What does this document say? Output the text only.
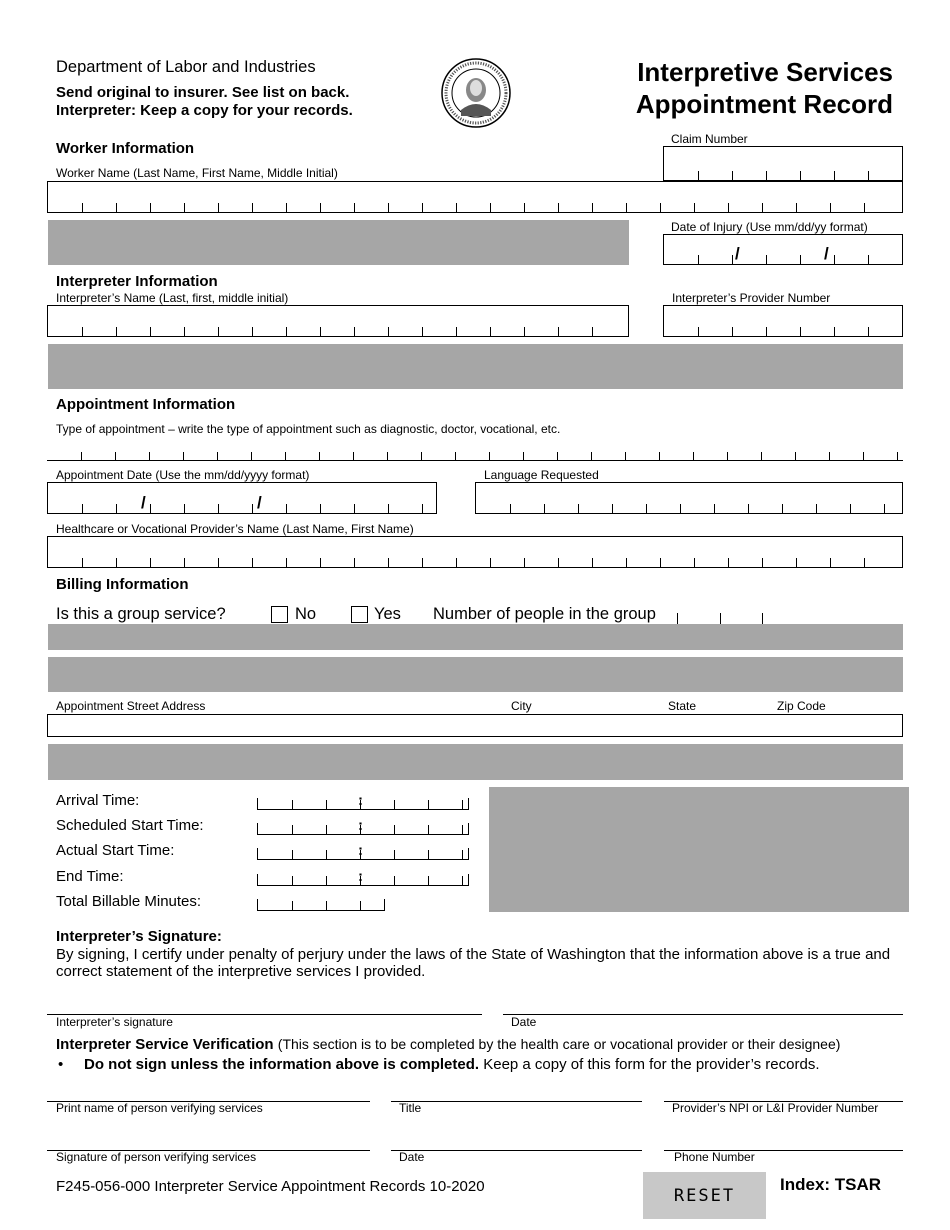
Department of Labor and Industries
Send original to insurer. See list on back.
Interpreter: Keep a copy for your records.
Interpretive Services
Appointment Record
Worker Information
Worker Name (Last Name, First Name, Middle Initial)
Claim Number
Date of Injury (Use mm/dd/yy format)
/	/
Interpreter Information
Interpreter’s Name (Last, first, middle initial)	Interpreter’s Provider Number
Appointment Information
Type of appointment – write the type of appointment such as diagnostic, doctor, vocational, etc.
Appointment Date (Use the mm/dd/yyyy format)	Language Requested
/	/
Healthcare or Vocational Provider’s Name (Last Name, First Name)
Billing Information
Is this a group service?	No	Yes Number of people in the group
Appointment Street Address	City	State	Zip Code
Arrival Time:	:
Scheduled Start Time:	:
Actual Start Time:	:
End Time:	:
Total Billable Minutes:
Interpreter’s Signature:
By signing, I certify under penalty of perjury under the laws of the State of Washington that the information above is a true and correct statement of the interpretive services I provided.
Interpreter’s signature	Date
Interpreter Service Verification (This section is to be completed by the health care or vocational provider or their designee)
• Do not sign unless the information above is completed. Keep a copy of this form for the provider’s records.
Print name of person verifying services	Title	Provider’s NPI or L&I Provider Number
Signature of person verifying services	Date	Phone Number
F245-056-000 Interpreter Service Appointment Records 10-2020	RESET
Index: TSAR
